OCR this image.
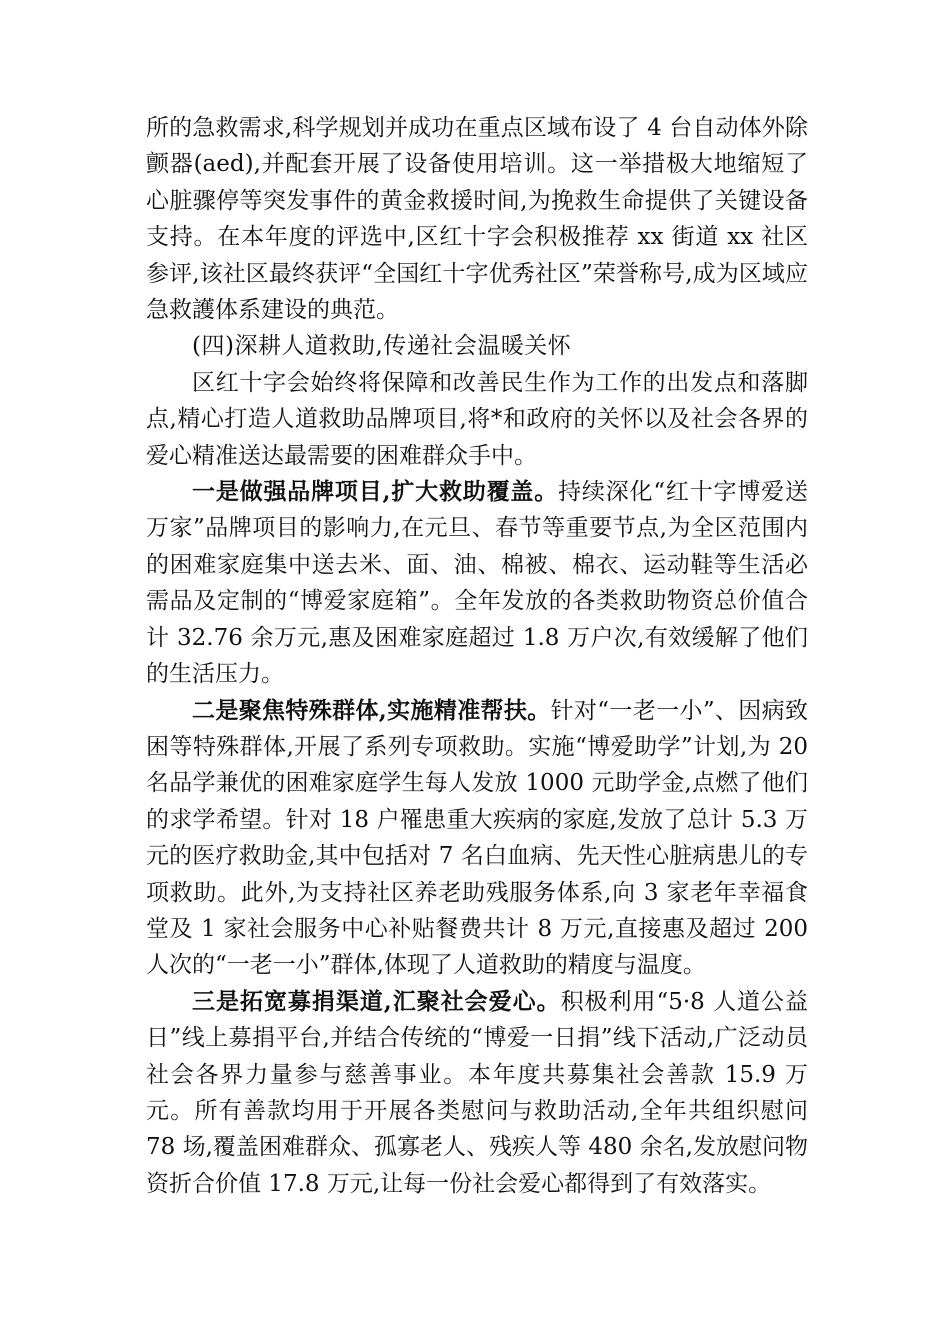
所的急救需求,科学规划并成功在重点区域布设了 4 台自动体外除颤器(aed),并配套开展了设备使用培训。这一举措极大地缩短了心脏骤停等突发事件的黄金救援时间,为挽救生命提供了关键设备支持。在本年度的评选中,区红十字会积极推荐 xx 街道 xx 社区参评,该社区最终获评“全国红十字优秀社区”荣誉称号,成为区域应急救護体系建设的典范。

(四)深耕人道救助,传递社会温暖关怀

区红十字会始终将保障和改善民生作为工作的出发点和落脚点,精心打造人道救助品牌项目,将*和政府的关怀以及社会各界的爱心精准送达最需要的困难群众手中。

一是做强品牌项目,扩大救助覆盖。持续深化“红十字博爱送万家”品牌项目的影响力,在元旦、春节等重要节点,为全区范围内的困难家庭集中送去米、面、油、棉被、棉衣、运动鞋等生活必需品及定制的“博爱家庭箱”。全年发放的各类救助物资总价值合计 32.76 余万元,惠及困难家庭超过 1.8 万户次,有效缓解了他们的生活压力。

二是聚焦特殊群体,实施精准帮扶。针对“一老一小”、因病致困等特殊群体,开展了系列专项救助。实施“博爱助学”计划,为 20 名品学兼优的困难家庭学生每人发放 1000 元助学金,点燃了他们的求学希望。针对 18 户罹患重大疾病的家庭,发放了总计 5.3 万元的医疗救助金,其中包括对 7 名白血病、先天性心脏病患儿的专项救助。此外,为支持社区养老助残服务体系,向 3 家老年幸福食堂及 1 家社会服务中心补贴餐费共计 8 万元,直接惠及超过 200 人次的“一老一小”群体,体现了人道救助的精度与温度。

三是拓宽募捐渠道,汇聚社会爱心。积极利用“5·8 人道公益日”线上募捐平台,并结合传统的“博爱一日捐”线下活动,广泛动员社会各界力量参与慈善事业。本年度共募集社会善款 15.9 万元。所有善款均用于开展各类慰问与救助活动,全年共组织慰问 78 场,覆盖困难群众、孤寡老人、残疾人等 480 余名,发放慰问物资折合价值 17.8 万元,让每一份社会爱心都得到了有效落实。
